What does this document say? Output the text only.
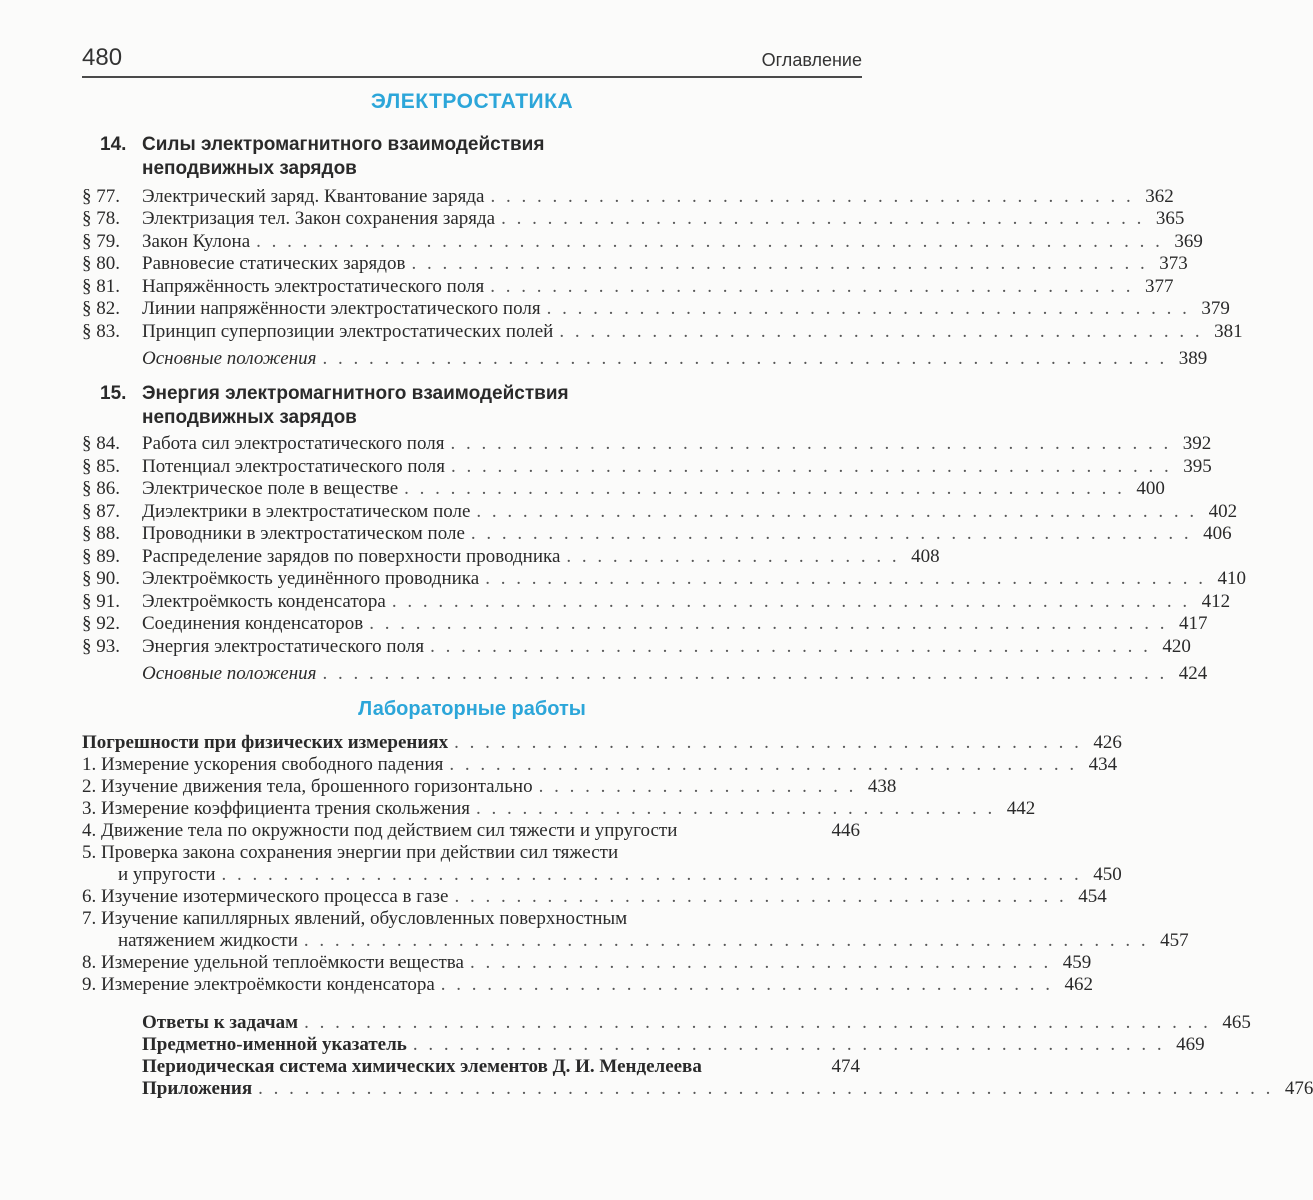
480	Оглавление
ЭЛЕКТРОСТАТИКА
14. Силы электромагнитного взаимодействия
неподвижных зарядов
§ 77.	Электрический заряд. Квантование заряда . . . . . . . . . . . . . . . . . . . . . . . . . . . . . . . . . . . . . . . . . . 362
§ 78.	Электризация тел. Закон сохранения заряда . . . . . . . . . . . . . . . . . . . . . . . . . . . . . . . . . . . . . . . . . . 365
§ 79.	Закон Кулона . . . . . . . . . . . . . . . . . . . . . . . . . . . . . . . . . . . . . . . . . . . . . . . . . . . . . . . . . . . 369
§ 80.	Равновесие статических зарядов . . . . . . . . . . . . . . . . . . . . . . . . . . . . . . . . . . . . . . . . . . . . . . . . 373
§ 81.	Напряжённость электростатического поля . . . . . . . . . . . . . . . . . . . . . . . . . . . . . . . . . . . . . . . . . . 377
§ 82.	Линии напряжённости электростатического поля . . . . . . . . . . . . . . . . . . . . . . . . . . . . . . . . . . . . . . . . . . 379
§ 83.	Принцип суперпозиции электростатических полей . . . . . . . . . . . . . . . . . . . . . . . . . . . . . . . . . . . . . . . . . . 381
Основные положения . . . . . . . . . . . . . . . . . . . . . . . . . . . . . . . . . . . . . . . . . . . . . . . . . . . . . . . 389
15. Энергия электромагнитного взаимодействия
неподвижных зарядов
§ 84.	Работа сил электростатического поля . . . . . . . . . . . . . . . . . . . . . . . . . . . . . . . . . . . . . . . . . . . . . . . 392
§ 85.	Потенциал электростатического поля . . . . . . . . . . . . . . . . . . . . . . . . . . . . . . . . . . . . . . . . . . . . . . . 395
§ 86.	Электрическое поле в веществе . . . . . . . . . . . . . . . . . . . . . . . . . . . . . . . . . . . . . . . . . . . . . . . 400
§ 87.	Диэлектрики в электростатическом поле . . . . . . . . . . . . . . . . . . . . . . . . . . . . . . . . . . . . . . . . . . . . . . . 402
§ 88.	Проводники в электростатическом поле . . . . . . . . . . . . . . . . . . . . . . . . . . . . . . . . . . . . . . . . . . . . . . . 406
§ 89.	Распределение зарядов по поверхности проводника . . . . . . . . . . . . . . . . . . . . . . 408
§ 90.	Электроёмкость уединённого проводника . . . . . . . . . . . . . . . . . . . . . . . . . . . . . . . . . . . . . . . . . . . . . . . 410
§ 91.	Электроёмкость конденсатора . . . . . . . . . . . . . . . . . . . . . . . . . . . . . . . . . . . . . . . . . . . . . . . . . . . . 412
§ 92.	Соединения конденсаторов . . . . . . . . . . . . . . . . . . . . . . . . . . . . . . . . . . . . . . . . . . . . . . . . . . . . 417
§ 93.	Энергия электростатического поля . . . . . . . . . . . . . . . . . . . . . . . . . . . . . . . . . . . . . . . . . . . . . . . 420
Основные положения . . . . . . . . . . . . . . . . . . . . . . . . . . . . . . . . . . . . . . . . . . . . . . . . . . . . . . . 424
Лабораторные работы
Погрешности при физических измерениях . . . . . . . . . . . . . . . . . . . . . . . . . . . . . . . . . . . . . . . . . 426
1. Измерение ускорения свободного падения . . . . . . . . . . . . . . . . . . . . . . . . . . . . . . . . . . . . . . . . . 434
2. Изучение движения тела, брошенного горизонтально . . . . . . . . . . . . . . . . . . . . . 438
3. Измерение коэффициента трения скольжения . . . . . . . . . . . . . . . . . . . . . . . . . . . . . . . . . . 442
4. Движение тела по окружности под действием сил тяжести и упругости	446
5. Проверка закона сохранения энергии при действии сил тяжести
и упругости . . . . . . . . . . . . . . . . . . . . . . . . . . . . . . . . . . . . . . . . . . . . . . . . . . . . . . . . 450
6. Изучение изотермического процесса в газе . . . . . . . . . . . . . . . . . . . . . . . . . . . . . . . . . . . . . . . . 454
7. Изучение капиллярных явлений, обусловленных поверхностным
натяжением жидкости . . . . . . . . . . . . . . . . . . . . . . . . . . . . . . . . . . . . . . . . . . . . . . . . . . . . . . . 457
8. Измерение удельной теплоёмкости вещества . . . . . . . . . . . . . . . . . . . . . . . . . . . . . . . . . . . . . . 459
9. Измерение электроёмкости конденсатора . . . . . . . . . . . . . . . . . . . . . . . . . . . . . . . . . . . . . . . . 462
Ответы к задачам . . . . . . . . . . . . . . . . . . . . . . . . . . . . . . . . . . . . . . . . . . . . . . . . . . . . . . . . . . . 465
Предметно-именной указатель . . . . . . . . . . . . . . . . . . . . . . . . . . . . . . . . . . . . . . . . . . . . . . . . . 469
Периодическая система химических элементов Д. И. Менделеева	474
Приложения . . . . . . . . . . . . . . . . . . . . . . . . . . . . . . . . . . . . . . . . . . . . . . . . . . . . . . . . . . . . . . . . . . 476
